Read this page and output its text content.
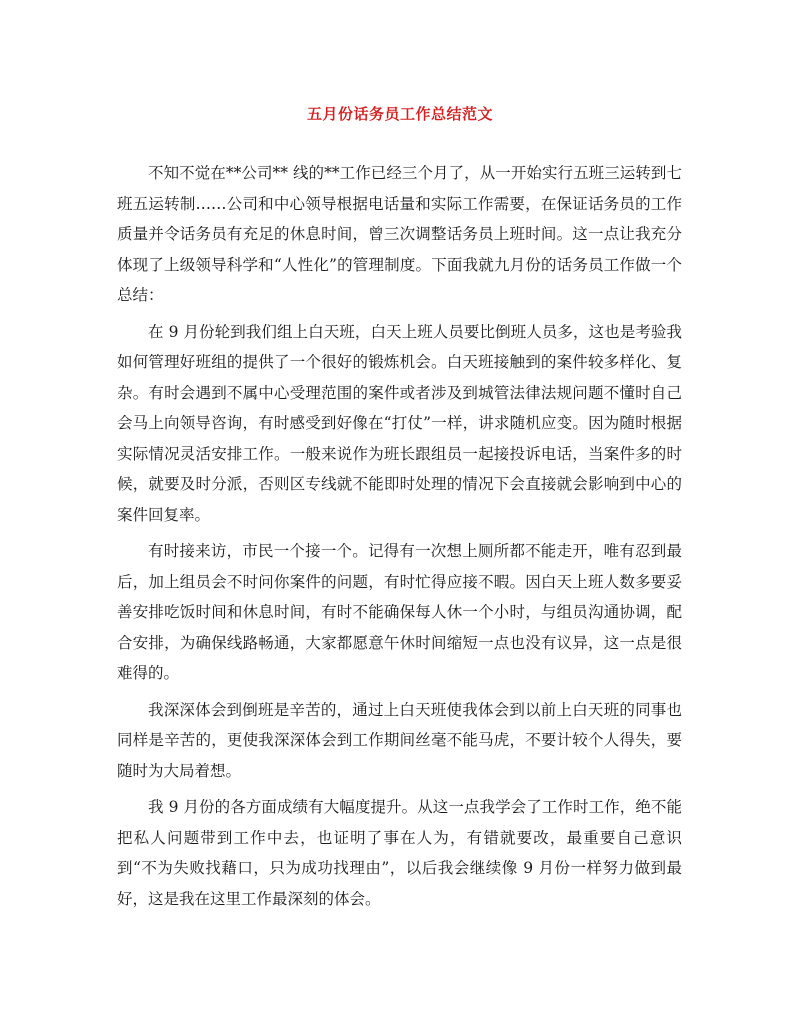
五月份话务员工作总结范文

不知不觉在**公司** 线的**工作已经三个月了，从一开始实行五班三运转到七班五运转制……公司和中心领导根据电话量和实际工作需要，在保证话务员的工作质量并令话务员有充足的休息时间，曾三次调整话务员上班时间。这一点让我充分体现了上级领导科学和“人性化”的管理制度。下面我就九月份的话务员工作做一个总结：

在 9 月份轮到我们组上白天班，白天上班人员要比倒班人员多，这也是考验我如何管理好班组的提供了一个很好的锻炼机会。白天班接触到的案件较多样化、复杂。有时会遇到不属中心受理范围的案件或者涉及到城管法律法规问题不懂时自己会马上向领导咨询，有时感受到好像在“打仗”一样，讲求随机应变。因为随时根据实际情况灵活安排工作。一般来说作为班长跟组员一起接投诉电话，当案件多的时候，就要及时分派，否则区专线就不能即时处理的情况下会直接就会影响到中心的案件回复率。

有时接来访，市民一个接一个。记得有一次想上厕所都不能走开，唯有忍到最后，加上组员会不时问你案件的问题，有时忙得应接不暇。因白天上班人数多要妥善安排吃饭时间和休息时间，有时不能确保每人休一个小时，与组员沟通协调，配合安排，为确保线路畅通，大家都愿意午休时间缩短一点也没有议异，这一点是很难得的。

我深深体会到倒班是辛苦的，通过上白天班使我体会到以前上白天班的同事也同样是辛苦的，更使我深深体会到工作期间丝毫不能马虎，不要计较个人得失，要随时为大局着想。

我 9 月份的各方面成绩有大幅度提升。从这一点我学会了工作时工作，绝不能把私人问题带到工作中去，也证明了事在人为，有错就要改，最重要自己意识到“不为失败找藉口，只为成功找理由”，以后我会继续像 9 月份一样努力做到最好，这是我在这里工作最深刻的体会。
